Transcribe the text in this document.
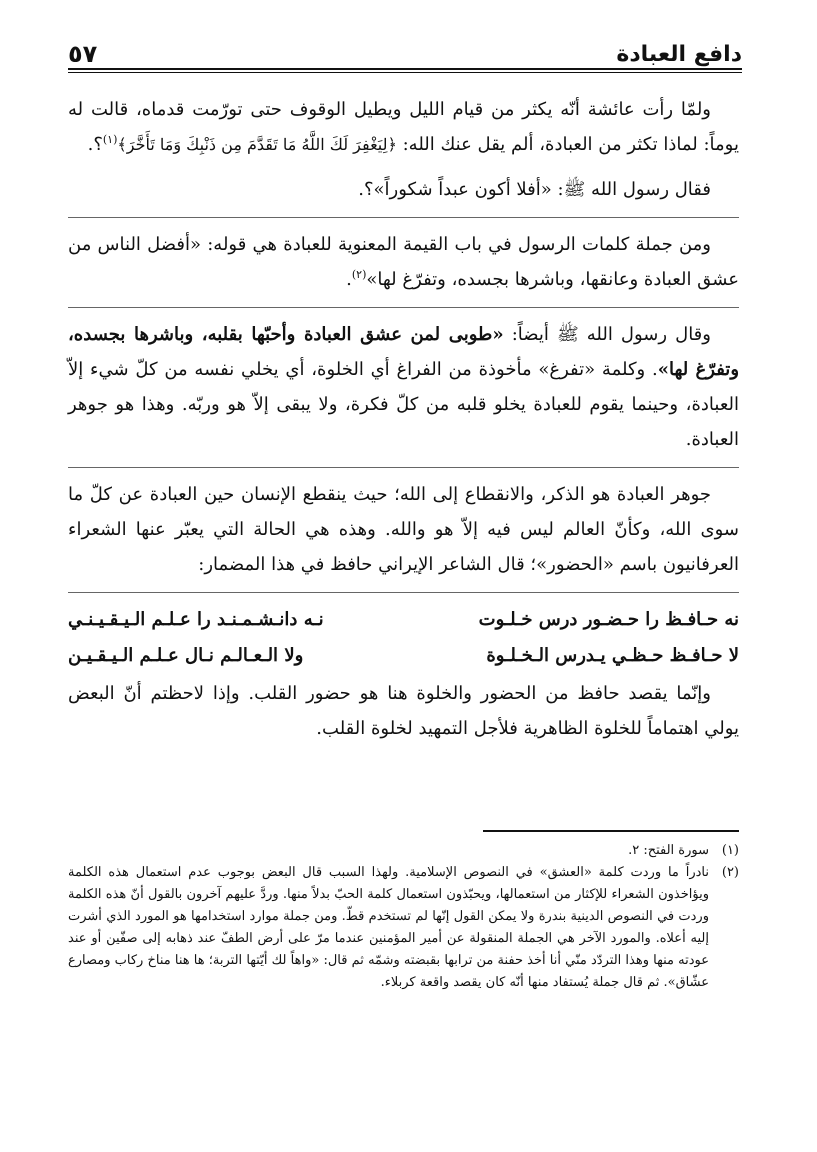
دافع العبادة
٥٧

ولمّا رأت عائشة أنّه يكثر من قيام الليل ويطيل الوقوف حتى تورّمت قدماه، قالت له يوماً: لماذا تكثر من العبادة، ألم يقل عنك الله: ﴿لِيَغْفِرَ لَكَ اللَّهُ مَا تَقَدَّمَ مِن ذَنْبِكَ وَمَا تَأَخَّرَ﴾$^{(١)}$؟.

فقال رسول الله ﷺ: «أفلا أكون عبداً شكوراً»؟.

ومن جملة كلمات الرسول في باب القيمة المعنوية للعبادة هي قوله: «أفضل الناس من عشق العبادة وعانقها، وباشرها بجسده، وتفرّغ لها»$^{(٢)}$.

وقال رسول الله ﷺ أيضاً: «طوبى لمن عشق العبادة وأحبّها بقلبه، وباشرها بجسده، وتفرّغ لها». وكلمة «تفرغ» مأخوذة من الفراغ أي الخلوة، أي يخلي نفسه من كلّ شيء إلاّ العبادة، وحينما يقوم للعبادة يخلو قلبه من كلّ فكرة، ولا يبقى إلاّ هو وربّه. وهذا هو جوهر العبادة.

جوهر العبادة هو الذكر، والانقطاع إلى الله؛ حيث ينقطع الإنسان حين العبادة عن كلّ ما سوى الله، وكأنّ العالم ليس فيه إلاّ هو والله. وهذه هي الحالة التي يعبّر عنها الشعراء العرفانيون باسم «الحضور»؛ قال الشاعر الإيراني حافظ في هذا المضمار:

نه حـافـظ را حـضـور درس خـلـوت
نـه دانـشـمـنـد را عـلـم الـيـقـيـنـي
لا حـافـظ حـظـي يـدرس الـخـلـوة
ولا الـعـالـم نـال عـلـم الـيـقـيـن

وإنّما يقصد حافظ من الحضور والخلوة هنا هو حضور القلب. وإذا لاحظتم أنّ البعض يولي اهتماماً للخلوة الظاهرية فلأجل التمهيد لخلوة القلب.

(١)
سورة الفتح: ٢.
(٢)
نادراً ما وردت كلمة «العشق» في النصوص الإسلامية. ولهذا السبب قال البعض بوجوب عدم استعمال هذه الكلمة ويؤاخذون الشعراء للإكثار من استعمالها، ويحبّذون استعمال كلمة الحبّ بدلاً منها. وردَّ عليهم آخرون بالقول أنّ هذه الكلمة وردت في النصوص الدينية بندرة ولا يمكن القول إنّها لم تستخدم قطّ. ومن جملة موارد استخدامها هو المورد الذي أشرت إليه أعلاه. والمورد الآخر هي الجملة المنقولة عن أمير المؤمنين عندما مرّ على أرض الطفّ عند ذهابه إلى صفّين أو عند عودته منها وهذا التردّد منّي أنا أخذ حفنة من ترابها بقبضته وشمّه ثم قال: «واهاً لك أيّتها التربة؛ ها هنا مناخ ركاب ومصارع عشّاق». ثم قال جملة يُستفاد منها أنّه كان يقصد واقعة كربلاء.
